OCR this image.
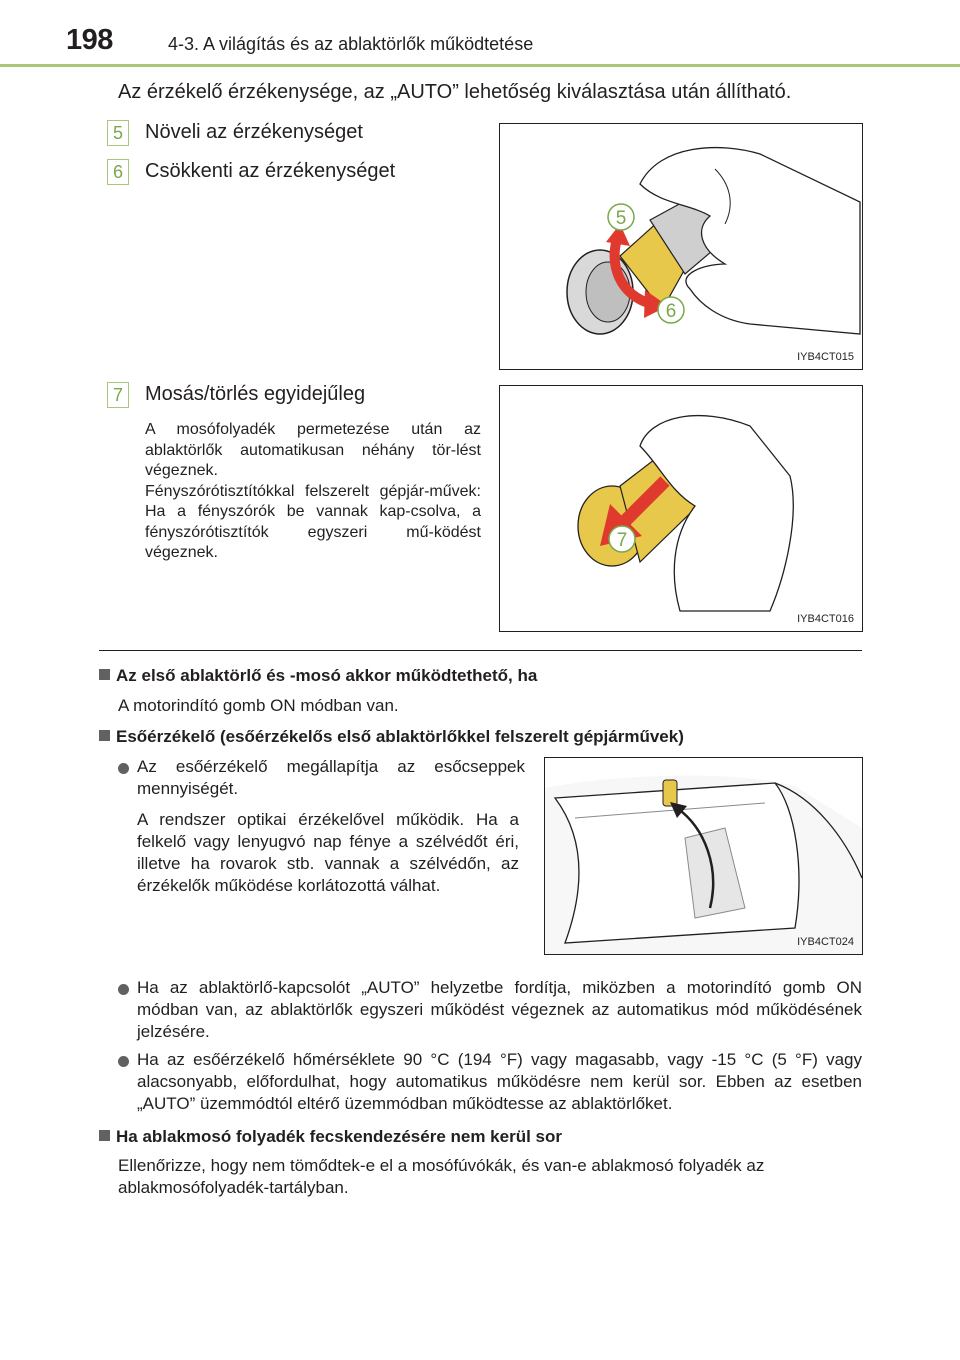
198	4-3. A világítás és az ablaktörlők működtetése
Az érzékelő érzékenysége, az „AUTO” lehetőség kiválasztása után állítható.
5	Növeli az érzékenységet
6	Csökkenti az érzékenységet
5
6
IYB4CT015
7	Mosás/törlés egyidejűleg

A mosófolyadék permetezése után az ablaktörlők automatikusan néhány tör-lést végeznek.

Fényszórótisztítókkal felszerelt gépjár-művek: Ha a fényszórók be vannak kap-csolva, a fényszórótisztítók egyszeri mű-ködést végeznek.

7
IYB4CT016
Az első ablaktörlő és -mosó akkor működtethető, ha
A motorindító gomb ON módban van.
Esőérzékelő (esőérzékelős első ablaktörlőkkel felszerelt gépjárművek)
Az esőérzékelő megállapítja az esőcseppek mennyiségét.
A rendszer optikai érzékelővel működik. Ha a felkelő vagy lenyugvó nap fénye a szélvédőt éri, illetve ha rovarok stb. vannak a szélvédőn, az érzékelők működése korlátozottá válhat.
IYB4CT024
Ha az ablaktörlő-kapcsolót „AUTO” helyzetbe fordítja, miközben a motorindító gomb ON módban van, az ablaktörlők egyszeri működést végeznek az automatikus mód működésének jelzésére.
Ha az esőérzékelő hőmérséklete 90 °C (194 °F) vagy magasabb, vagy -15 °C (5 °F) vagy alacsonyabb, előfordulhat, hogy automatikus működésre nem kerül sor. Ebben az esetben „AUTO” üzemmódtól eltérő üzemmódban működtesse az ablaktörlőket.
Ha ablakmosó folyadék fecskendezésére nem kerül sor
Ellenőrizze, hogy nem tömődtek-e el a mosófúvókák, és van-e ablakmosó folyadék az ablakmosófolyadék-tartályban.
